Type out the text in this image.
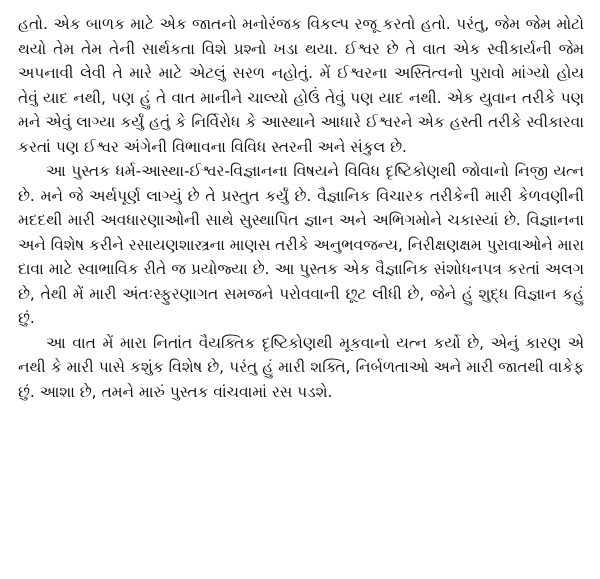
હતો. એક બાળક માટે એક જાતનો મનોરંજક વિકલ્પ રજૂ કરતો હતો. પરંતુ, જેમ જેમ મોટો થયો તેમ તેમ તેની સાર્થકતા વિશે પ્રશ્નો ખડા થયા. ઈશ્વર છે તે વાત એક સ્વીકાર્યની જેમ અપનાવી લેવી તે મારે માટે એટલું સરળ નહોતું. મેં ઈશ્વરના અસ્તિત્વનો પુરાવો માંગ્યો હોય તેવું યાદ નથી, પણ હું તે વાત માનીને ચાલ્યો હોઉં તેવું પણ યાદ નથી. એક યુવાન તરીકે પણ મને એવું લાગ્યા કર્યું હતું કે નિર્વિરોધ કે આસ્થાને આધારે ઈશ્વરને એક હસ્તી તરીકે સ્વીકારવા કરતાં પણ ઈશ્વર અંગેની વિભાવના વિવિધ સ્તરની અને સંકુલ છે.

આ પુસ્તક ધર્મ-આસ્થા-ઈશ્વર-વિજ્ઞાનના વિષયને વિવિધ દૃષ્ટિકોણથી જોવાનો નિજી યત્ન છે. મને જે અર્થપૂર્ણ લાગ્યું છે તે પ્રસ્તુત કર્યું છે. વૈજ્ઞાનિક વિચારક તરીકેની મારી કેળવણીની મદદથી મારી અવધારણાઓની સાથે સુસ્થાપિત જ્ઞાન અને અભિગમોને ચકાસ્યાં છે. વિજ્ઞાનના અને વિશેષ કરીને રસાયણશાસ્ત્રના માણસ તરીકે અનુભવજન્ય, નિરીક્ષણક્ષમ પુરાવાઓને મારા દાવા માટે સ્વાભાવિક રીતે જ પ્રયોજ્યા છે. આ પુસ્તક એક વૈજ્ઞાનિક સંશોધનપત્ર કરતાં અલગ છે, તેથી મેં મારી અંતઃસ્ફુરણાગત સમજને પરોવવાની છૂટ લીધી છે, જેને હું શુદ્ધ વિજ્ઞાન કહું છું.

આ વાત મેં મારા નિતાંત વૈયક્તિક દૃષ્ટિકોણથી મૂકવાનો યત્ન કર્યો છે, એનું કારણ એ નથી કે મારી પાસે કશુંક વિશેષ છે, પરંતુ હું મારી શક્તિ, નિર્બળતાઓ અને મારી જાતથી વાકેફ છું. આશા છે, તમને મારું પુસ્તક વાંચવામાં રસ પડશે.
